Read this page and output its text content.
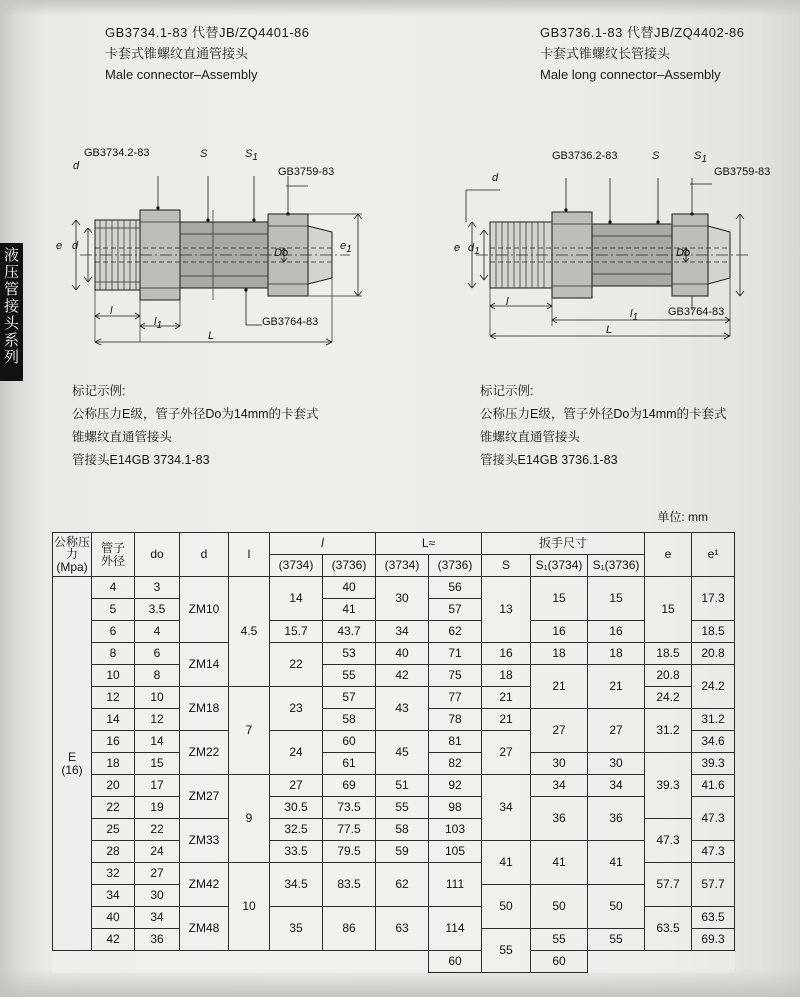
液
压
管
接
头
系
列
GB3734.1-83 代替JB/ZQ4401-86
卡套式锥螺纹直通管接头
Male connector–Assembly
GB3736.1-83 代替JB/ZQ4402-86
卡套式锥螺纹长管接头
Male long connector–Assembly
e d
d
GB3734.2-83	S	$S_1$
GB3759-83
Do
$e_1$
l
$l_1$
L
GB3764-83
e $d_1$
d
GB3736.2-83	S	$S_1$
GB3759-83
Do
l
$l_1$
L
GB3764-83
标记示例:
公称压力E级，管子外径Do为14mm的卡套式
锥螺纹直通管接头
管接头E14GB 3734.1-83
标记示例:
公称压力E级，管子外径Do为14mm的卡套式
锥螺纹直通管接头
管接头E14GB 3736.1-83
单位: mm
公称压力
(Mpa)

管子
外径	do	d	l	l	L≈	扳手尺寸	e	e¹
					(3734)	(3736)	(3734)	(3736)	S	S₁(3734)	S₁(3736)		

E
(16)	4	3	ZM10	4.5	14	40	30	56	13	15	15	15	17.3
	5	3.5				41		57					
	6	4			15.7	43.7	34	62		16	16		18.5
	8	6	ZM14		22	53	40	71	16	18	18	18.5	20.8
	10	8				55	42	75	18	21	21	20.8	24.2
	12	10	ZM18	7	23	57	43	77	21			24.2	
	14	12				58		78	21	27	27	31.2	31.2
	16	14	ZM22		24	60	45	81	27				34.6
	18	15				61		82		30	30	39.3	39.3
	20	17	ZM27	9	27	69	51	92	34	34	34		41.6
	22	19			30.5	73.5	55	98		36	36		47.3
	25	22	ZM33		32.5	77.5	58	103				47.3	
	28	24			33.5	79.5	59	105	41	41	41		47.3
	32	27	ZM42	10	34.5	83.5	62	111				57.7	57.7
	34	30							50	50	50		
	40	34	ZM48		35	86	63	114				63.5	63.5
	42	36							55	55	55		69.3
								60		60			
